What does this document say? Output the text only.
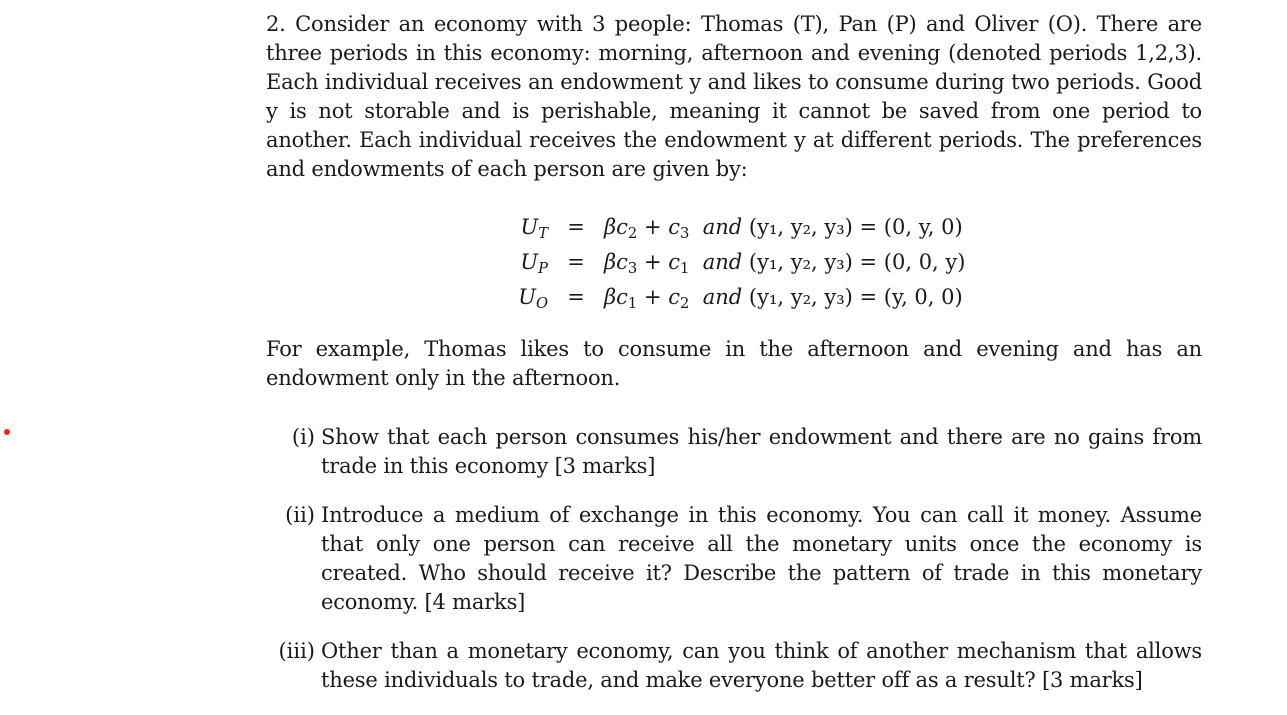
2. Consider an economy with 3 people: Thomas (T), Pan (P) and Oliver (O). There are three periods in this economy: morning, afternoon and evening (denoted periods 1,2,3). Each individual receives an endowment y and likes to consume during two periods. Good y is not storable and is perishable, meaning it cannot be saved from one period to another. Each individual receives the endowment y at different periods. The preferences and endowments of each person are given by:

$U_T = \beta c_2 + c_3$ and (y₁, y₂, y₃) = (0, y, 0)
$U_P = \beta c_3 + c_1$ and (y₁, y₂, y₃) = (0, 0, y)
$U_O = \beta c_1 + c_2$ and (y₁, y₂, y₃) = (y, 0, 0)

For example, Thomas likes to consume in the afternoon and evening and has an endowment only in the afternoon.

(i) Show that each person consumes his/her endowment and there are no gains from trade in this economy [3 marks]
(ii) Introduce a medium of exchange in this economy. You can call it money. Assume that only one person can receive all the monetary units once the economy is created. Who should receive it? Describe the pattern of trade in this monetary economy. [4 marks]
(iii) Other than a monetary economy, can you think of another mechanism that allows these individuals to trade, and make everyone better off as a result? [3 marks]
